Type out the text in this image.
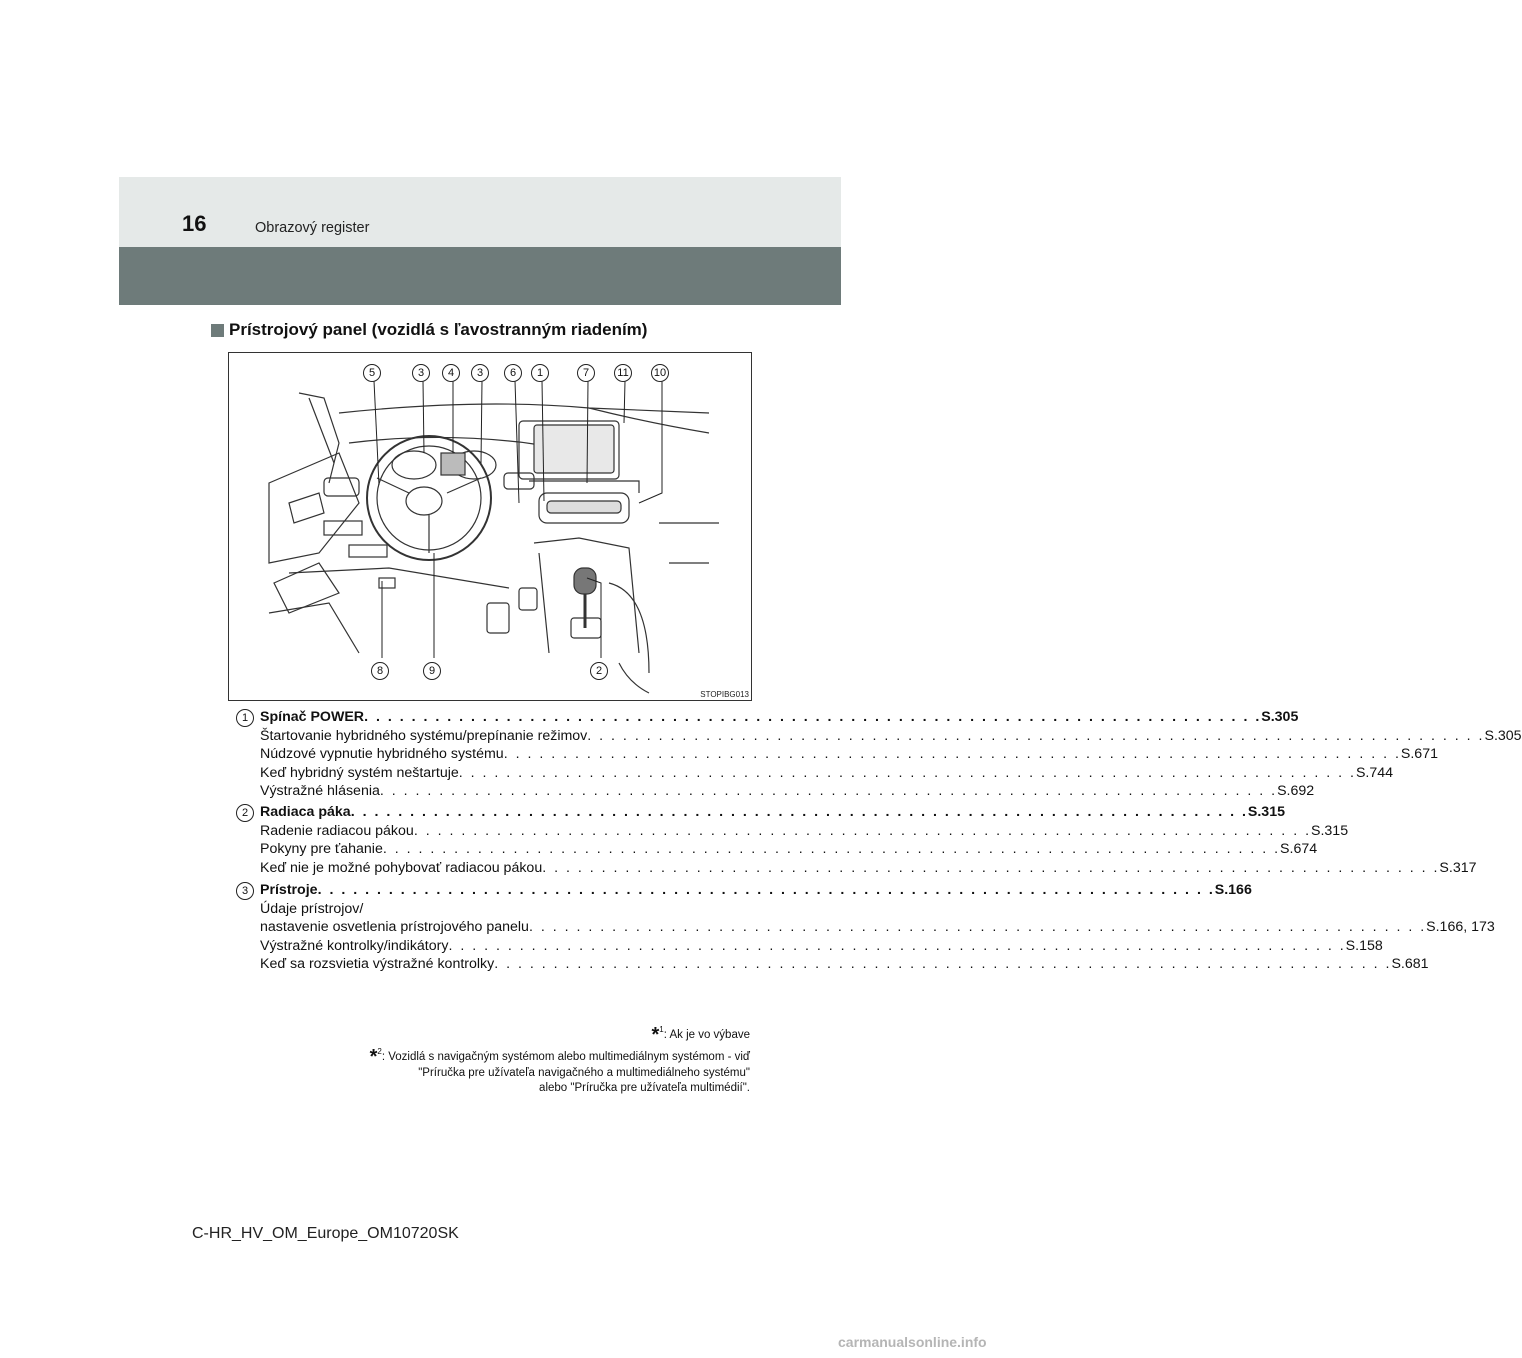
16	Obrazový register
Prístrojový panel (vozidlá s ľavostranným riadením)
5	3	4	3	6	1	7	11 10
8	9	2
STOPIBG013
1 Spínač POWER . . .	S.305
Štartovanie hybridného systému/prepínanie režimov . . .	S.305
Núdzové vypnutie hybridného systému . . .	S.671
Keď hybridný systém neštartuje . . .	S.744
Výstražné hlásenia . . .	S.692
2 Radiaca páka . . .	S.315
Radenie radiacou pákou . . .	S.315
Pokyny pre ťahanie . . .	S.674
Keď nie je možné pohybovať radiacou pákou . . .	S.317
3 Prístroje . . .	S.166
Údaje prístrojov/
nastavenie osvetlenia prístrojového panelu . . .	S.166, 173
Výstražné kontrolky/indikátory . . .	S.158
Keď sa rozsvietia výstražné kontrolky . . .	S.681
*$^1$: Ak je vo výbave
*$^2$: Vozidlá s navigačným systémom alebo multimediálnym systémom - viď
"Príručka pre užívateľa navigačného a multimediálneho systému"
alebo "Príručka pre užívateľa multimédií".
C-HR_HV_OM_Europe_OM10720SK
carmanualsonline.info
